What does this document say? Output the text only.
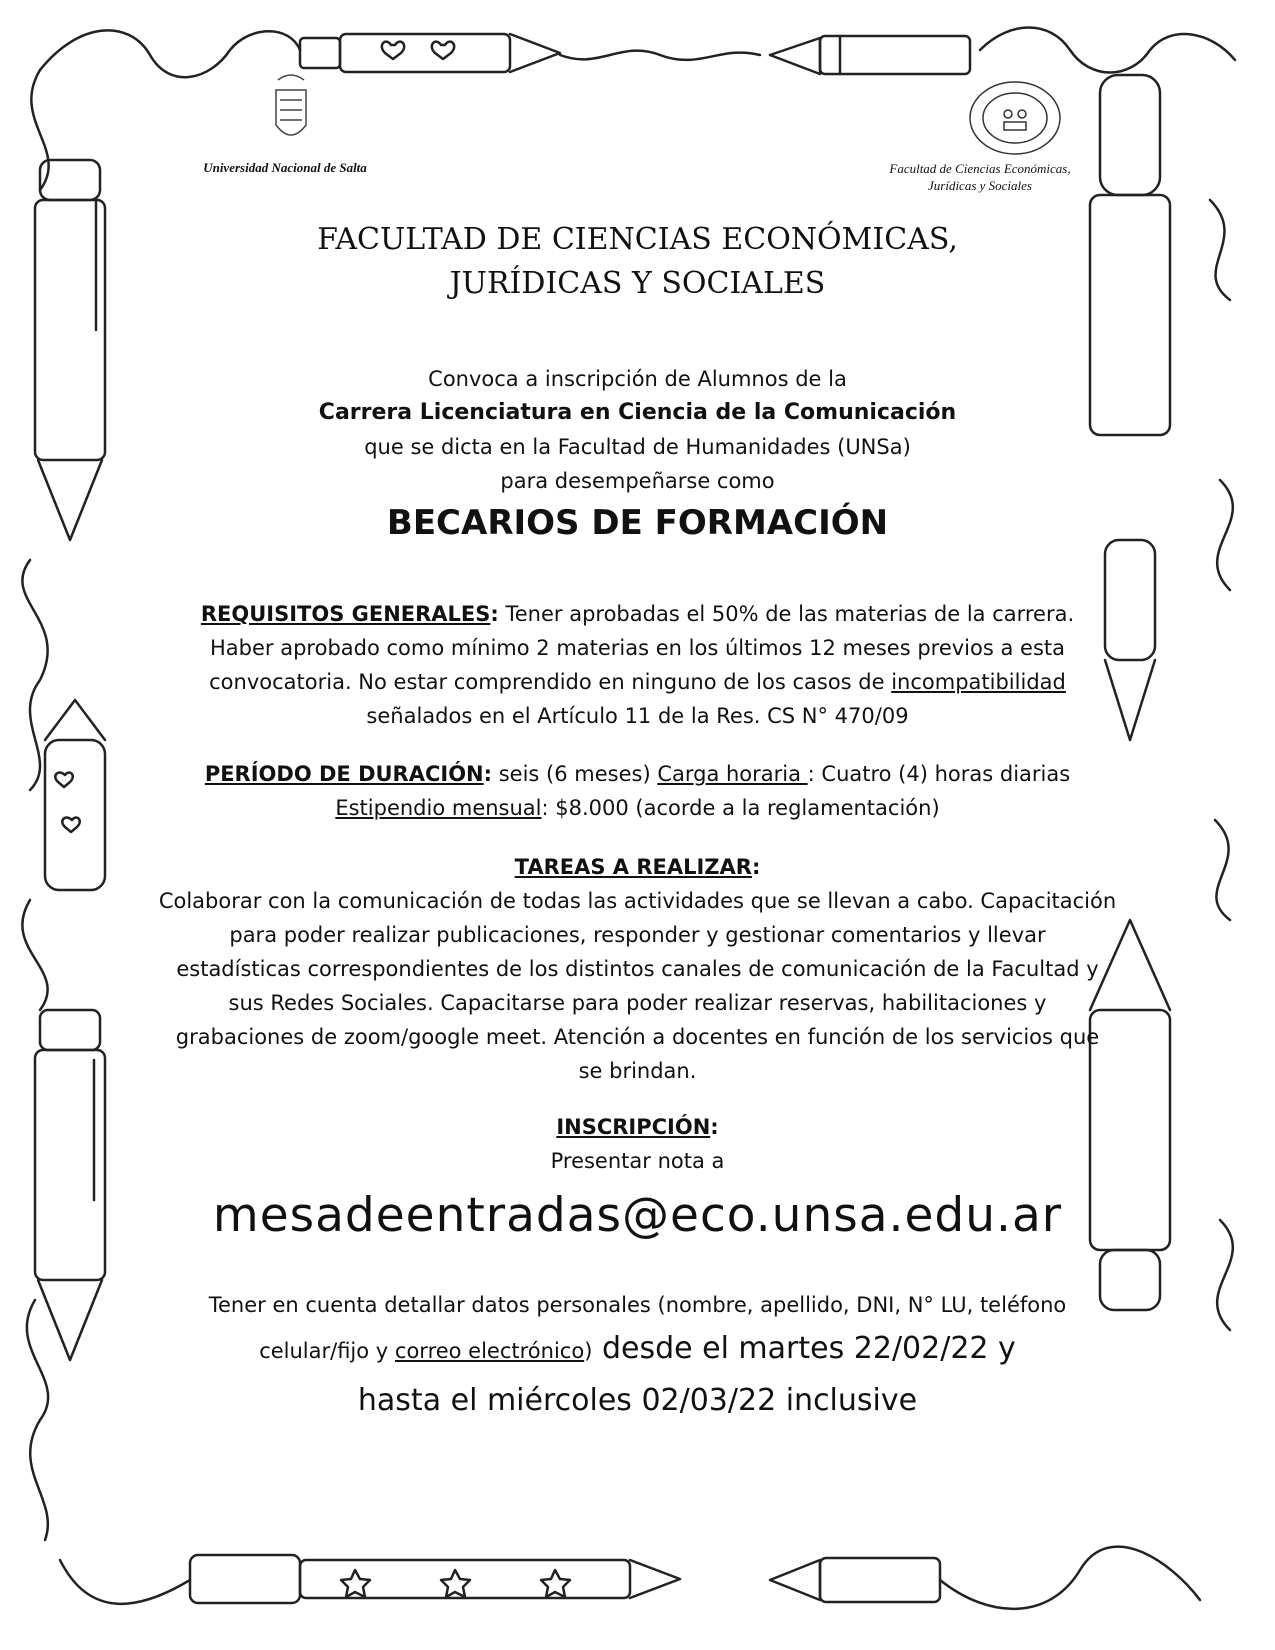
Universidad Nacional de Salta	Facultad de Ciencias Económicas,
Jurídicas y Sociales
FACULTAD DE CIENCIAS ECONÓMICAS,
JURÍDICAS Y SOCIALES
Convoca a inscripción de Alumnos de la
Carrera Licenciatura en Ciencia de la Comunicación
que se dicta en la Facultad de Humanidades (UNSa)
para desempeñarse como
BECARIOS DE FORMACIÓN
REQUISITOS GENERALES: Tener aprobadas el 50% de las materias de la carrera.
Haber aprobado como mínimo 2 materias en los últimos 12 meses previos a esta
convocatoria. No estar comprendido en ninguno de los casos de incompatibilidad
señalados en el Artículo 11 de la Res. CS N° 470/09
PERÍODO DE DURACIÓN: seis (6 meses) Carga horaria : Cuatro (4) horas diarias
Estipendio mensual: $8.000 (acorde a la reglamentación)
TAREAS A REALIZAR:
Colaborar con la comunicación de todas las actividades que se llevan a cabo. Capacitación
para poder realizar publicaciones, responder y gestionar comentarios y llevar
estadísticas correspondientes de los distintos canales de comunicación de la Facultad y
sus Redes Sociales. Capacitarse para poder realizar reservas, habilitaciones y
grabaciones de zoom/google meet. Atención a docentes en función de los servicios que
se brindan.
INSCRIPCIÓN:
Presentar nota a
mesadeentradas@eco.unsa.edu.ar
Tener en cuenta detallar datos personales (nombre, apellido, DNI, N° LU, teléfono
celular/fijo y correo electrónico) desde el martes 22/02/22 y
hasta el miércoles 02/03/22 inclusive
